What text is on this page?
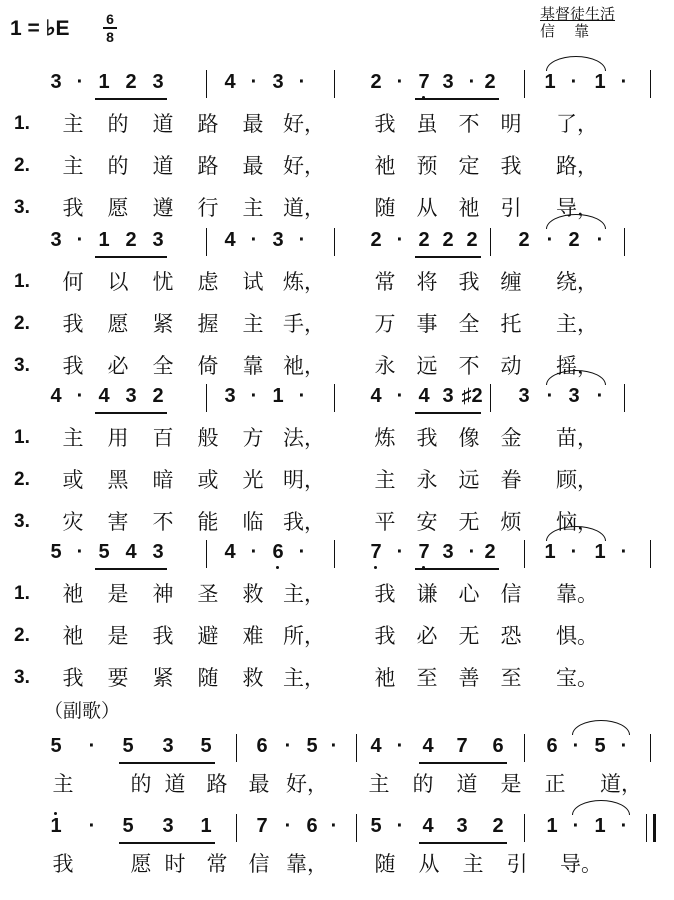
1 = ♭E	6
8
基督徒生活
信    靠
3 · 1 2 3	4 · 3 ·	2 · 7 3 · 2	1 · 1 ·
1. 主 的 道 路 最 好， 我 虽 不 明 了，
2. 主 的 道 路 最 好， 祂 预 定 我 路，
3. 我 愿 遵 行 主 道， 随 从 祂 引 导，
3 · 1 2 3	4 · 3 ·	2 · 2 2 2	2 · 2 ·
1. 何 以 忧 虑 试 炼， 常 将 我 缠 绕，
2. 我 愿 紧 握 主 手， 万 事 全 托 主，
3. 我 必 全 倚 靠 祂， 永 远 不 动 摇，
4 · 4 3 2	3 · 1 ·	4 · 4 3 ♯2	3 · 3 ·
1. 主 用 百 般 方 法， 炼 我 像 金 苗，
2. 或 黑 暗 或 光 明， 主 永 远 眷 顾，
3. 灾 害 不 能 临 我， 平 安 无 烦 恼，
5 · 5 4 3	4 · 6 ·	7 · 7 3 · 2	1 · 1 ·
1. 祂 是 神 圣 救 主， 我 谦 心 信 靠。
2. 祂 是 我 避 难 所， 我 必 无 恐 惧。
3. 我 要 紧 随 救 主， 祂 至 善 至 宝。
（副歌）
5	·	5	3	5	6 · 5 ·	4 · 4	7	6	6 · 5 ·
主	的 道 路 最 好， 主 的 道 是 正 道，
1	·	5	3	1	7 · 6 ·	5 · 4	3	2	1 · 1 ·
我	愿 时 常 信 靠， 随 从 主 引 导。
